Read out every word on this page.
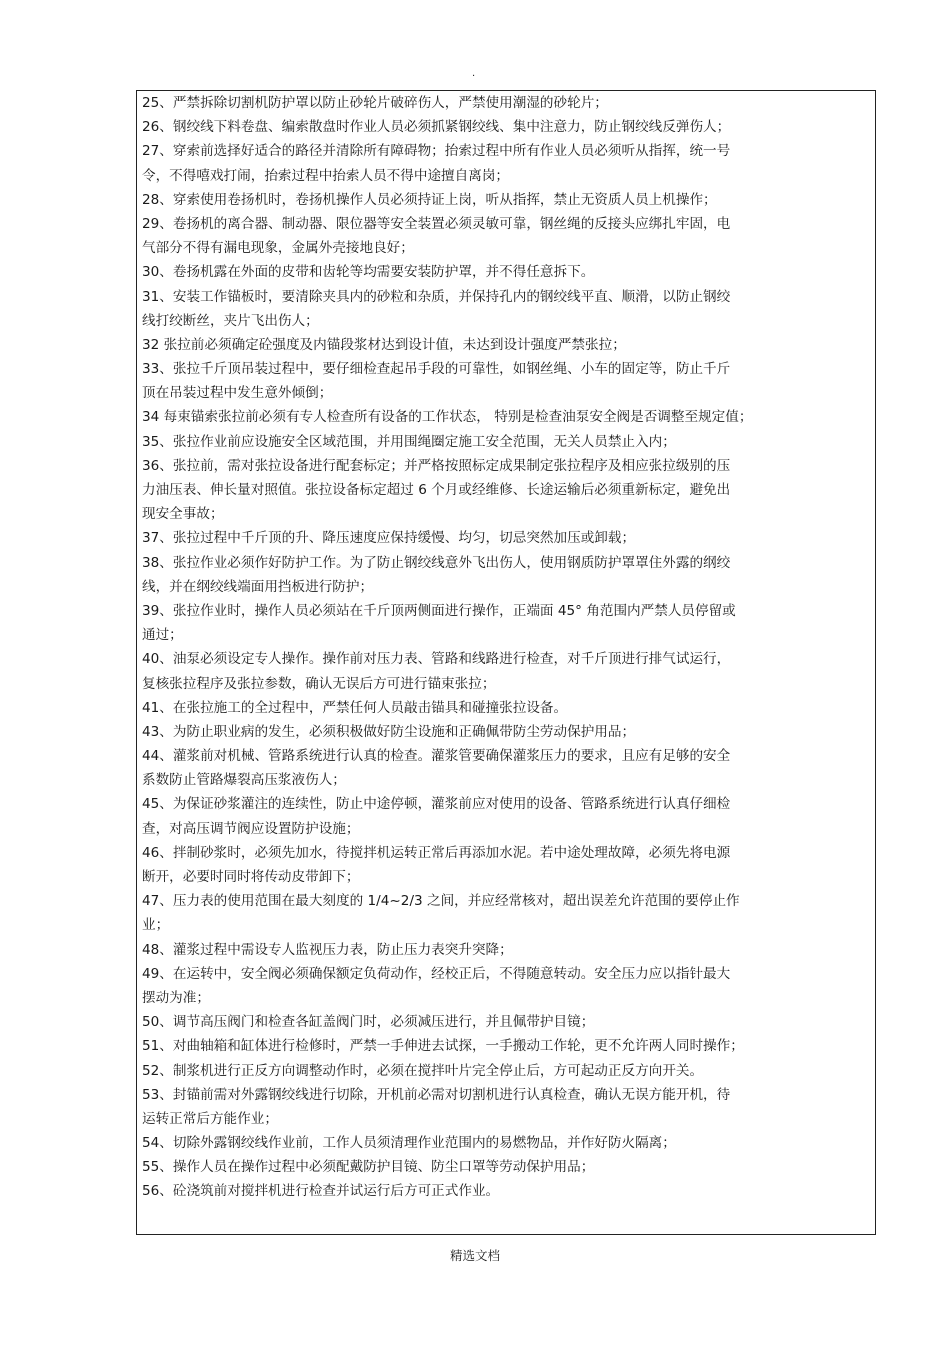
.
25、严禁拆除切割机防护罩以防止砂轮片破碎伤人，严禁使用潮湿的砂轮片；
26、钢绞线下料卷盘、编索散盘时作业人员必须抓紧钢绞线、集中注意力，防止钢绞线反弹伤人；
27、穿索前选择好适合的路径并清除所有障碍物；抬索过程中所有作业人员必须听从指挥，统一号
令，不得嘻戏打闹，抬索过程中抬索人员不得中途擅自离岗；
28、穿索使用卷扬机时，卷扬机操作人员必须持证上岗，听从指挥，禁止无资质人员上机操作；
29、卷扬机的离合器、制动器、限位器等安全装置必须灵敏可靠，钢丝绳的反接头应绑扎牢固，电
气部分不得有漏电现象，金属外壳接地良好；
30、卷扬机露在外面的皮带和齿轮等均需要安装防护罩，并不得任意拆下。
31、安装工作锚板时，要清除夹具内的砂粒和杂质，并保持孔内的钢绞线平直、顺滑，以防止钢绞
线打绞断丝，夹片飞出伤人；
32 张拉前必须确定砼强度及内锚段浆材达到设计值，未达到设计强度严禁张拉；
33、张拉千斤顶吊装过程中，要仔细检查起吊手段的可靠性，如钢丝绳、小车的固定等，防止千斤
顶在吊装过程中发生意外倾倒；
34 每束锚索张拉前必须有专人检查所有设备的工作状态， 特别是检查油泵安全阀是否调整至规定值；
35、张拉作业前应设施安全区域范围，并用围绳圈定施工安全范围，无关人员禁止入内；
36、张拉前，需对张拉设备进行配套标定；并严格按照标定成果制定张拉程序及相应张拉级别的压
力油压表、伸长量对照值。张拉设备标定超过 6 个月或经维修、长途运输后必须重新标定，避免出
现安全事故；
37、张拉过程中千斤顶的升、降压速度应保持缓慢、均匀，切忌突然加压或卸载；
38、张拉作业必须作好防护工作。为了防止钢绞线意外飞出伤人，使用钢质防护罩罩住外露的纲绞
线，并在纲绞线端面用挡板进行防护；
39、张拉作业时，操作人员必须站在千斤顶两侧面进行操作，正端面 45° 角范围内严禁人员停留或
通过；
40、油泵必须设定专人操作。操作前对压力表、管路和线路进行检查，对千斤顶进行排气试运行，
复核张拉程序及张拉参数，确认无误后方可进行锚束张拉；
41、在张拉施工的全过程中，严禁任何人员敲击锚具和碰撞张拉设备。
43、为防止职业病的发生，必须积极做好防尘设施和正确佩带防尘劳动保护用品；
44、灌浆前对机械、管路系统进行认真的检查。灌浆管要确保灌浆压力的要求，且应有足够的安全
系数防止管路爆裂高压浆液伤人；
45、为保证砂浆灌注的连续性，防止中途停顿，灌浆前应对使用的设备、管路系统进行认真仔细检
查，对高压调节阀应设置防护设施；
46、拌制砂浆时，必须先加水，待搅拌机运转正常后再添加水泥。若中途处理故障，必须先将电源
断开，必要时同时将传动皮带卸下；
47、压力表的使用范围在最大刻度的 1/4~2/3 之间，并应经常核对，超出误差允许范围的要停止作
业；
48、灌浆过程中需设专人监视压力表，防止压力表突升突降；
49、在运转中，安全阀必须确保额定负荷动作，经校正后，不得随意转动。安全压力应以指针最大
摆动为准；
50、调节高压阀门和检查各缸盖阀门时，必须减压进行，并且佩带护目镜；
51、对曲轴箱和缸体进行检修时，严禁一手伸进去试探，一手搬动工作轮，更不允许两人同时操作；
52、制浆机进行正反方向调整动作时，必须在搅拌叶片完全停止后，方可起动正反方向开关。
53、封锚前需对外露钢绞线进行切除，开机前必需对切割机进行认真检查，确认无误方能开机，待
运转正常后方能作业；
54、切除外露钢绞线作业前，工作人员须清理作业范围内的易燃物品，并作好防火隔离；
55、操作人员在操作过程中必须配戴防护目镜、防尘口罩等劳动保护用品；
56、砼浇筑前对搅拌机进行检查并试运行后方可正式作业。
精选文档
